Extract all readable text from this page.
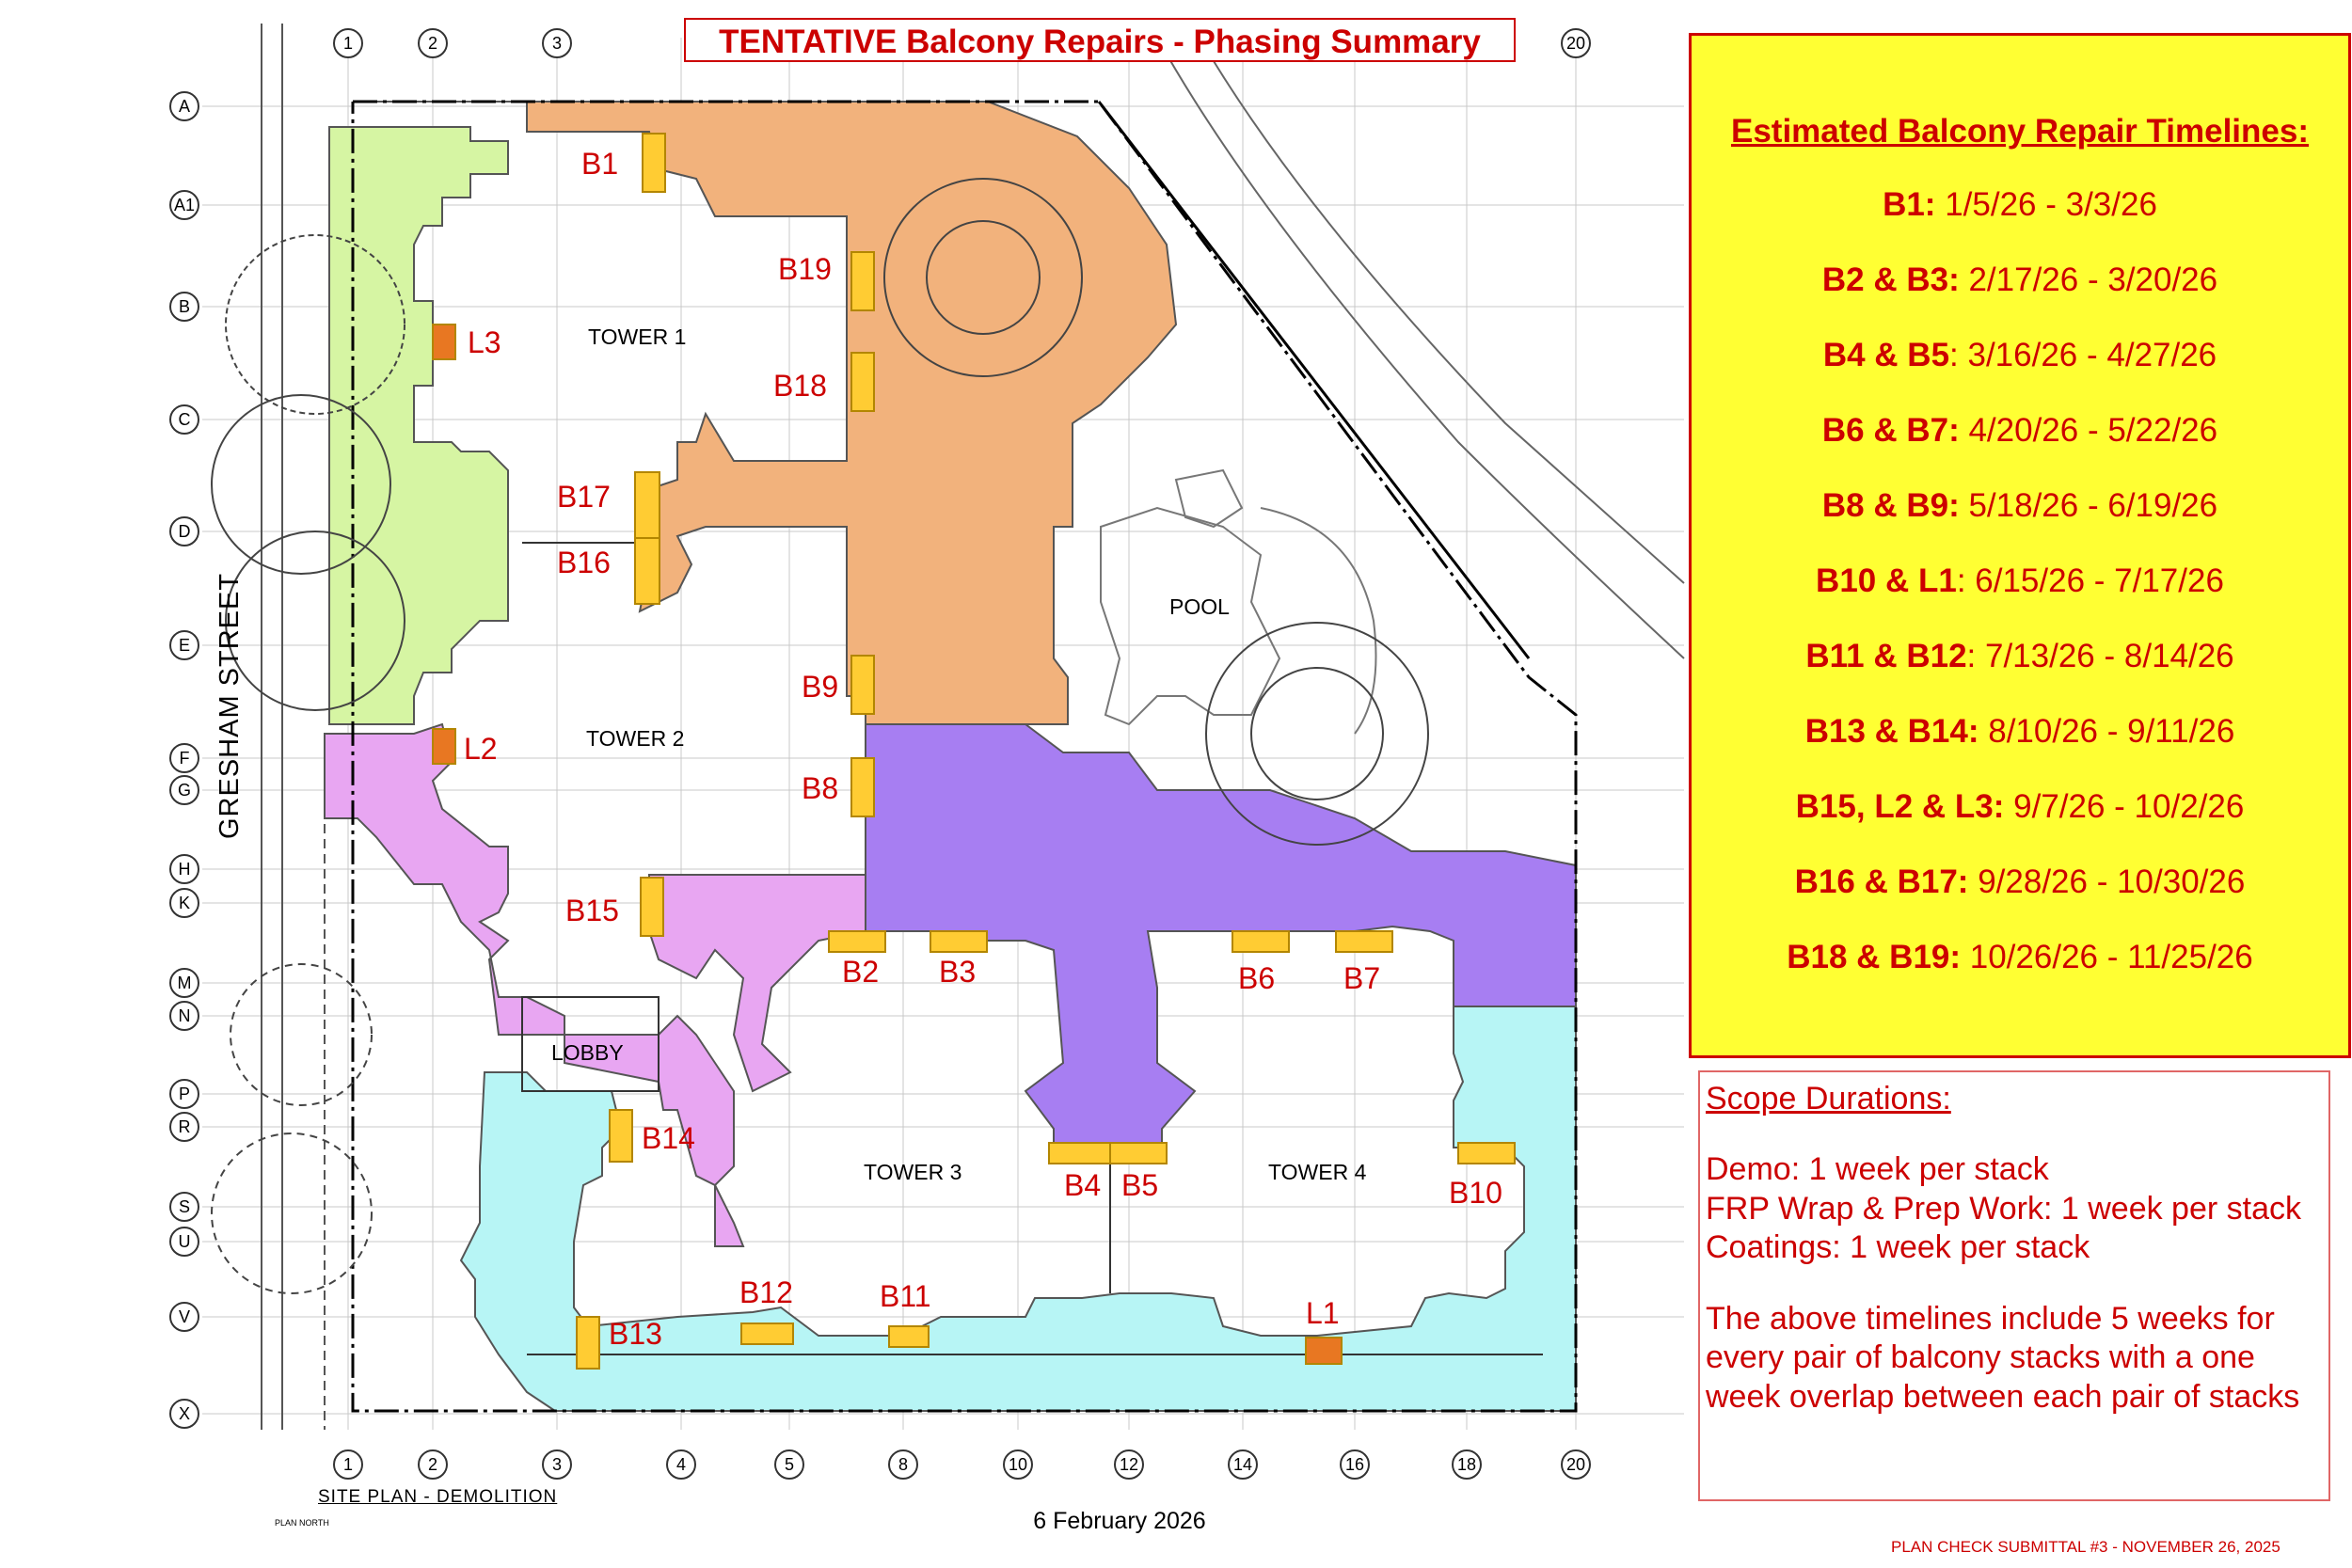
1	2	3	4	5	8	10	12	14	16	18	20
1	2	3	20
A
A1
B
C
D
E
F
G
H
K
M
N
P
R
S
U
V
X
TENTATIVE Balcony Repairs - Phasing Summary
GRESHAM STREET
SITE PLAN - DEMOLITION
PLAN NORTH
TOWER 1
TOWER 2
TOWER 3	TOWER 4
LOBBY
POOL
B1
B19
B18
B17
B16
B9
B8
B15
B2 B3	B6 B7
B4 B5	B10
B14
B13
B12	B11	L1
L2
L3
Estimated Balcony Repair Timelines:
B1: 1/5/26 - 3/3/26
B2 & B3: 2/17/26 - 3/20/26
B4 & B5: 3/16/26 - 4/27/26
B6 & B7: 4/20/26 - 5/22/26
B8 & B9: 5/18/26 - 6/19/26
B10 & L1: 6/15/26 - 7/17/26
B11 & B12: 7/13/26 - 8/14/26
B13 & B14: 8/10/26 - 9/11/26
B15, L2 & L3: 9/7/26 - 10/2/26
B16 & B17: 9/28/26 - 10/30/26
B18 & B19: 10/26/26 - 11/25/26
Scope Durations:
Demo: 1 week per stack
FRP Wrap & Prep Work: 1 week per stack
Coatings: 1 week per stack
The above timelines include 5 weeks for every pair of balcony stacks with a one week overlap between each pair of stacks
6 February 2026
PLAN CHECK SUBMITTAL #3 - NOVEMBER 26, 2025
